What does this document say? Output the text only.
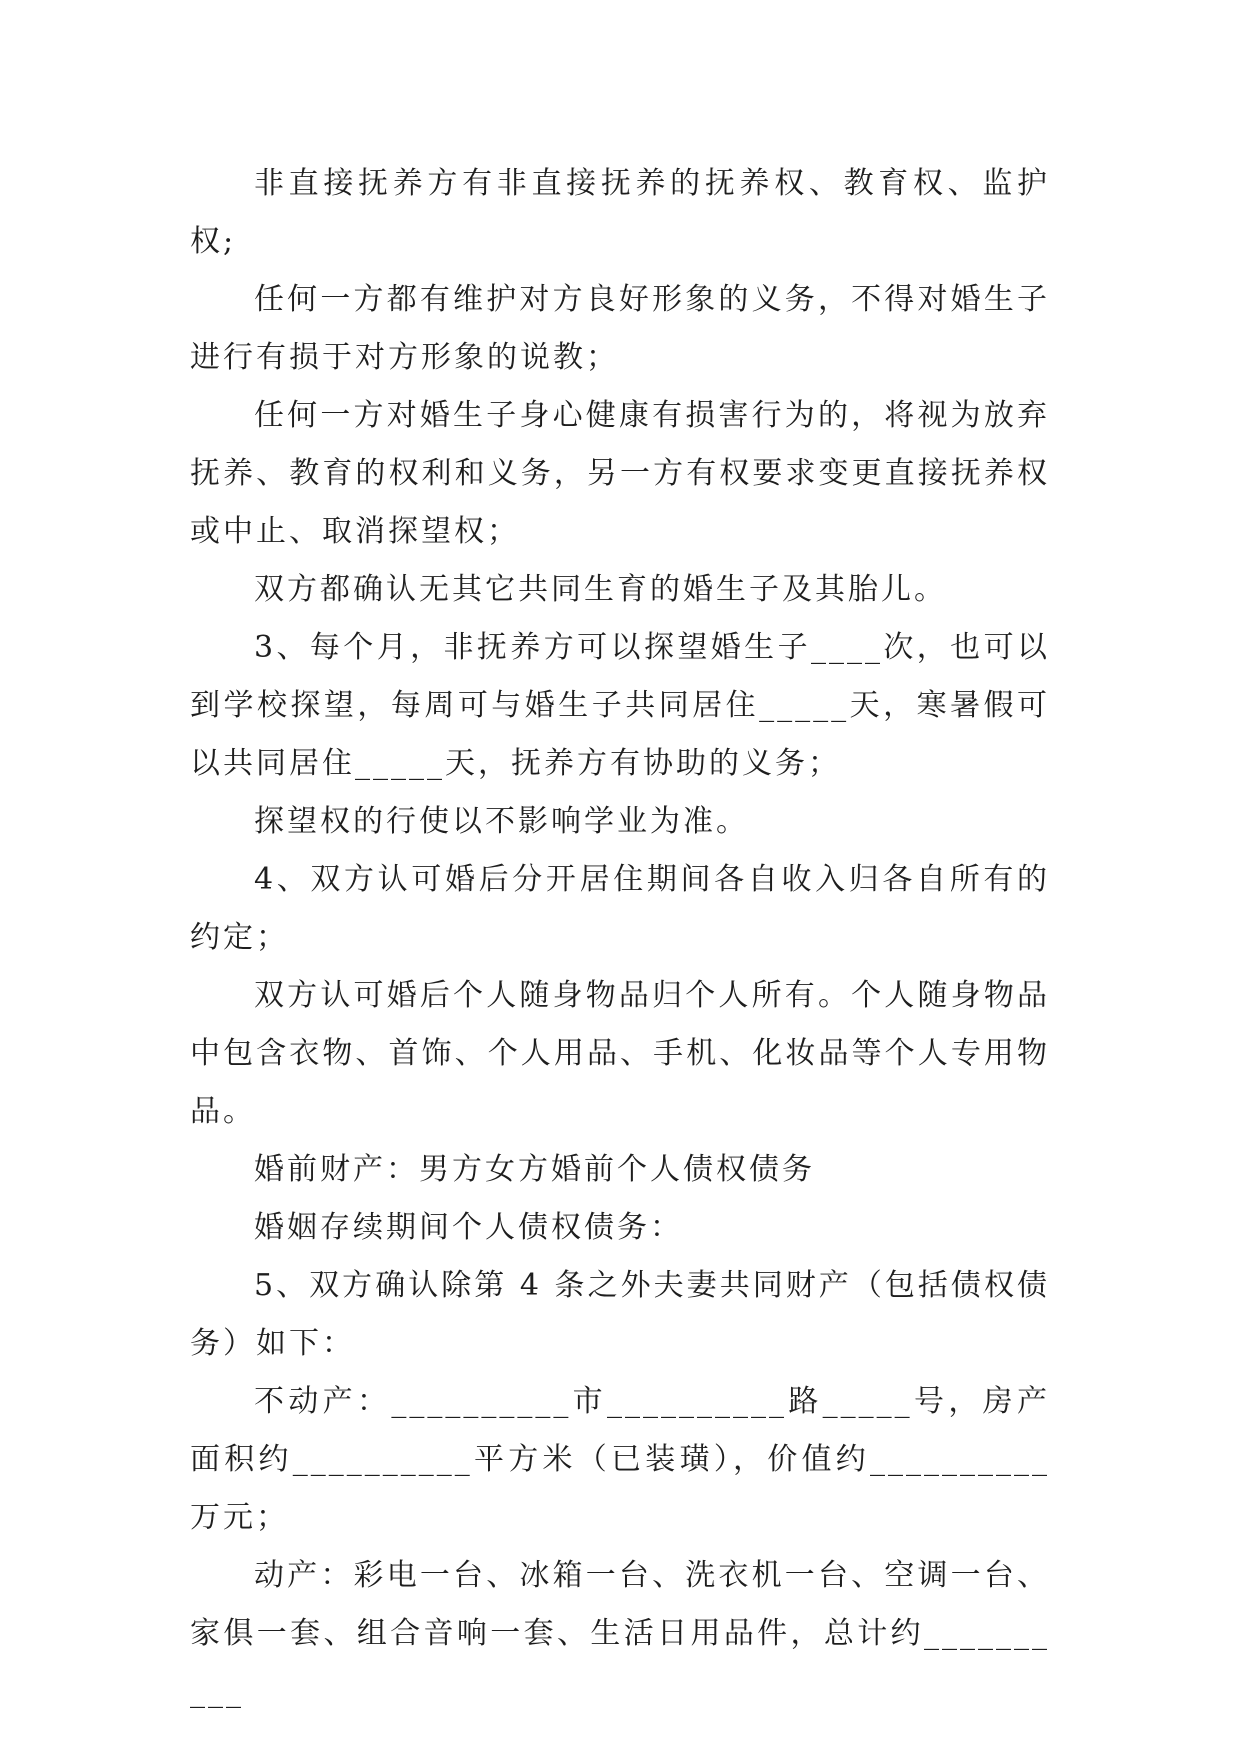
非直接抚养方有非直接抚养的抚养权、教育权、监护权;

任何一方都有维护对方良好形象的义务，不得对婚生子进行有损于对方形象的说教；

任何一方对婚生子身心健康有损害行为的，将视为放弃抚养、教育的权利和义务，另一方有权要求变更直接抚养权或中止、取消探望权；

双方都确认无其它共同生育的婚生子及其胎儿。

3、每个月，非抚养方可以探望婚生子____次，也可以到学校探望，每周可与婚生子共同居住_____天，寒暑假可以共同居住_____天，抚养方有协助的义务；

探望权的行使以不影响学业为准。

4、双方认可婚后分开居住期间各自收入归各自所有的约定；

双方认可婚后个人随身物品归个人所有。个人随身物品中包含衣物、首饰、个人用品、手机、化妆品等个人专用物品。

婚前财产：男方女方婚前个人债权债务

婚姻存续期间个人债权债务：

5、双方确认除第 4 条之外夫妻共同财产（包括债权债务）如下：

不动产：__________市__________路_____号，房产面积约__________平方米（已装璜），价值约__________万元；

动产：彩电一台、冰箱一台、洗衣机一台、空调一台、家俱一套、组合音响一套、生活日用品件，总计约__________
